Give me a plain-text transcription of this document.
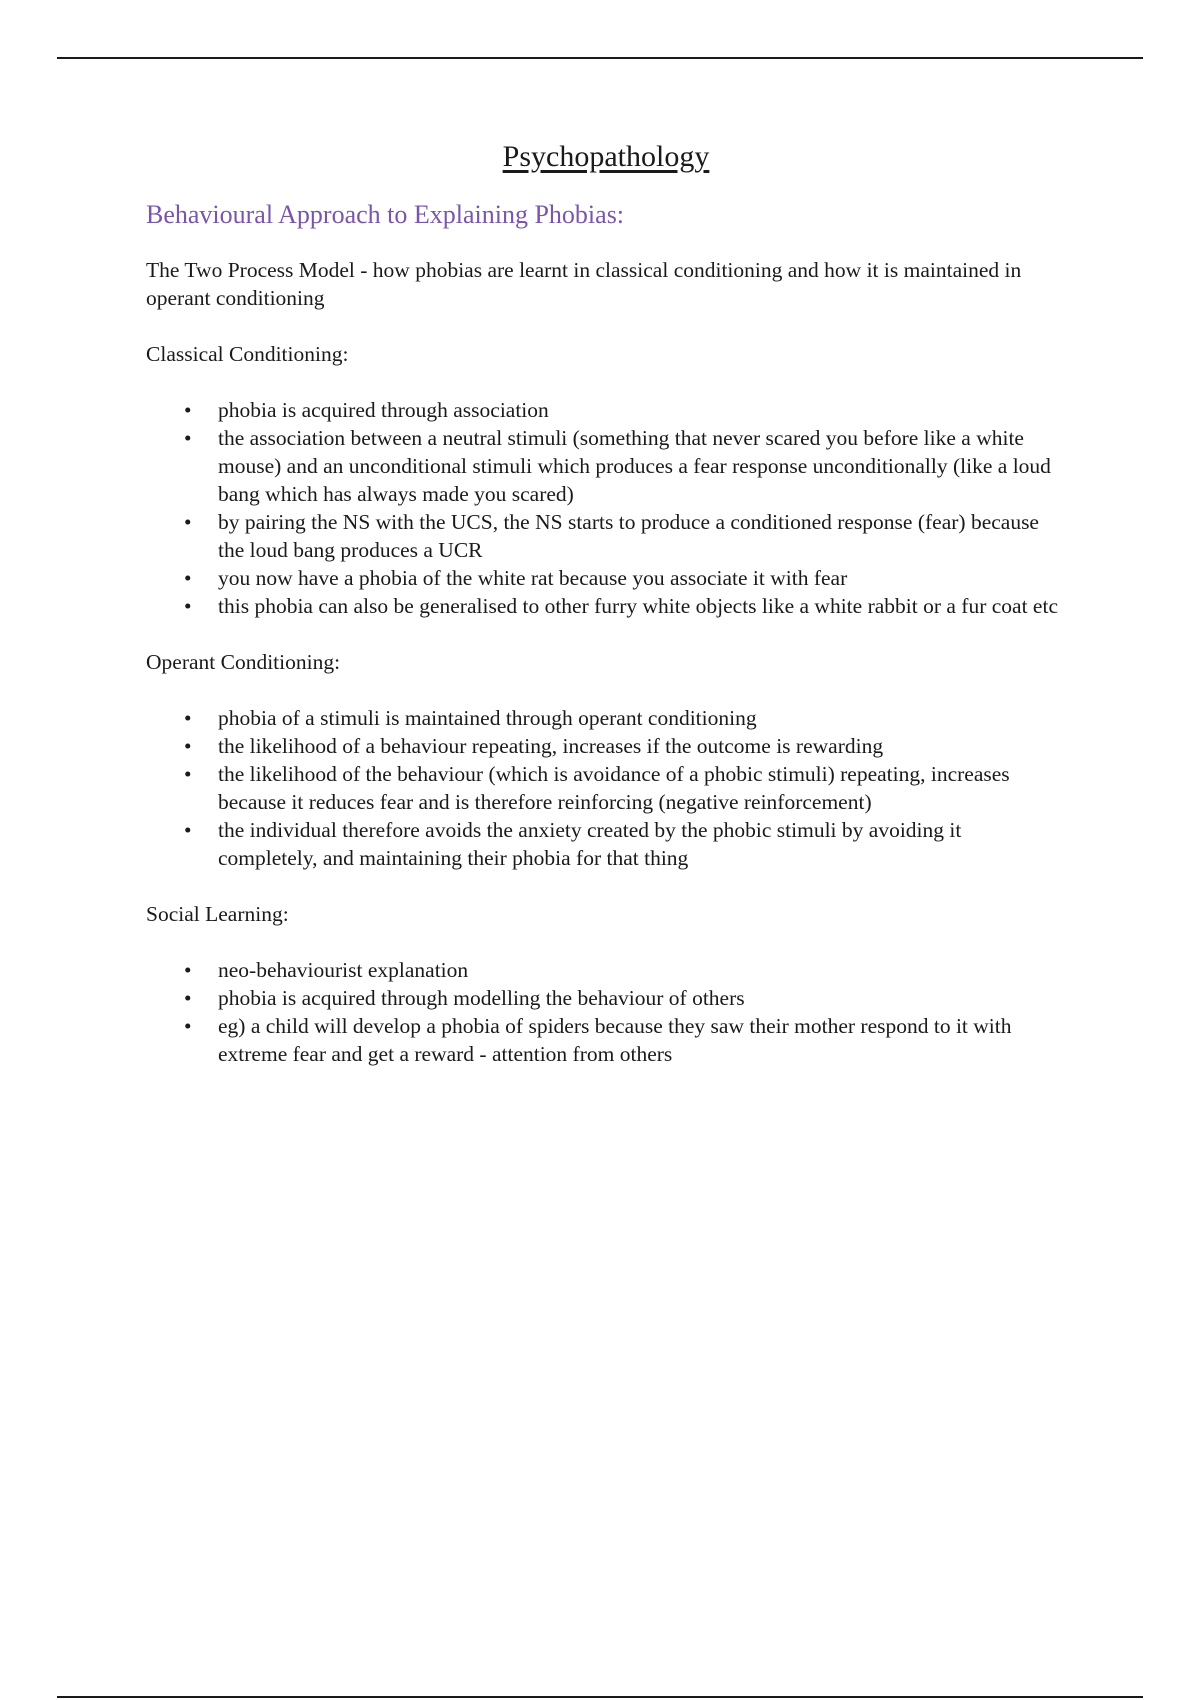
Psychopathology
Behavioural Approach to Explaining Phobias:

The Two Process Model - how phobias are learnt in classical conditioning and how it is maintained in operant conditioning

Classical Conditioning:

• phobia is acquired through association
• the association between a neutral stimuli (something that never scared you before like a white mouse) and an unconditional stimuli which produces a fear response unconditionally (like a loud bang which has always made you scared)
• by pairing the NS with the UCS, the NS starts to produce a conditioned response (fear) because the loud bang produces a UCR
• you now have a phobia of the white rat because you associate it with fear
• this phobia can also be generalised to other furry white objects like a white rabbit or a fur coat etc

Operant Conditioning:

• phobia of a stimuli is maintained through operant conditioning
• the likelihood of a behaviour repeating, increases if the outcome is rewarding
• the likelihood of the behaviour (which is avoidance of a phobic stimuli) repeating, increases because it reduces fear and is therefore reinforcing (negative reinforcement)
• the individual therefore avoids the anxiety created by the phobic stimuli by avoiding it completely, and maintaining their phobia for that thing

Social Learning:

• neo-behaviourist explanation
• phobia is acquired through modelling the behaviour of others
• eg) a child will develop a phobia of spiders because they saw their mother respond to it with extreme fear and get a reward - attention from others
